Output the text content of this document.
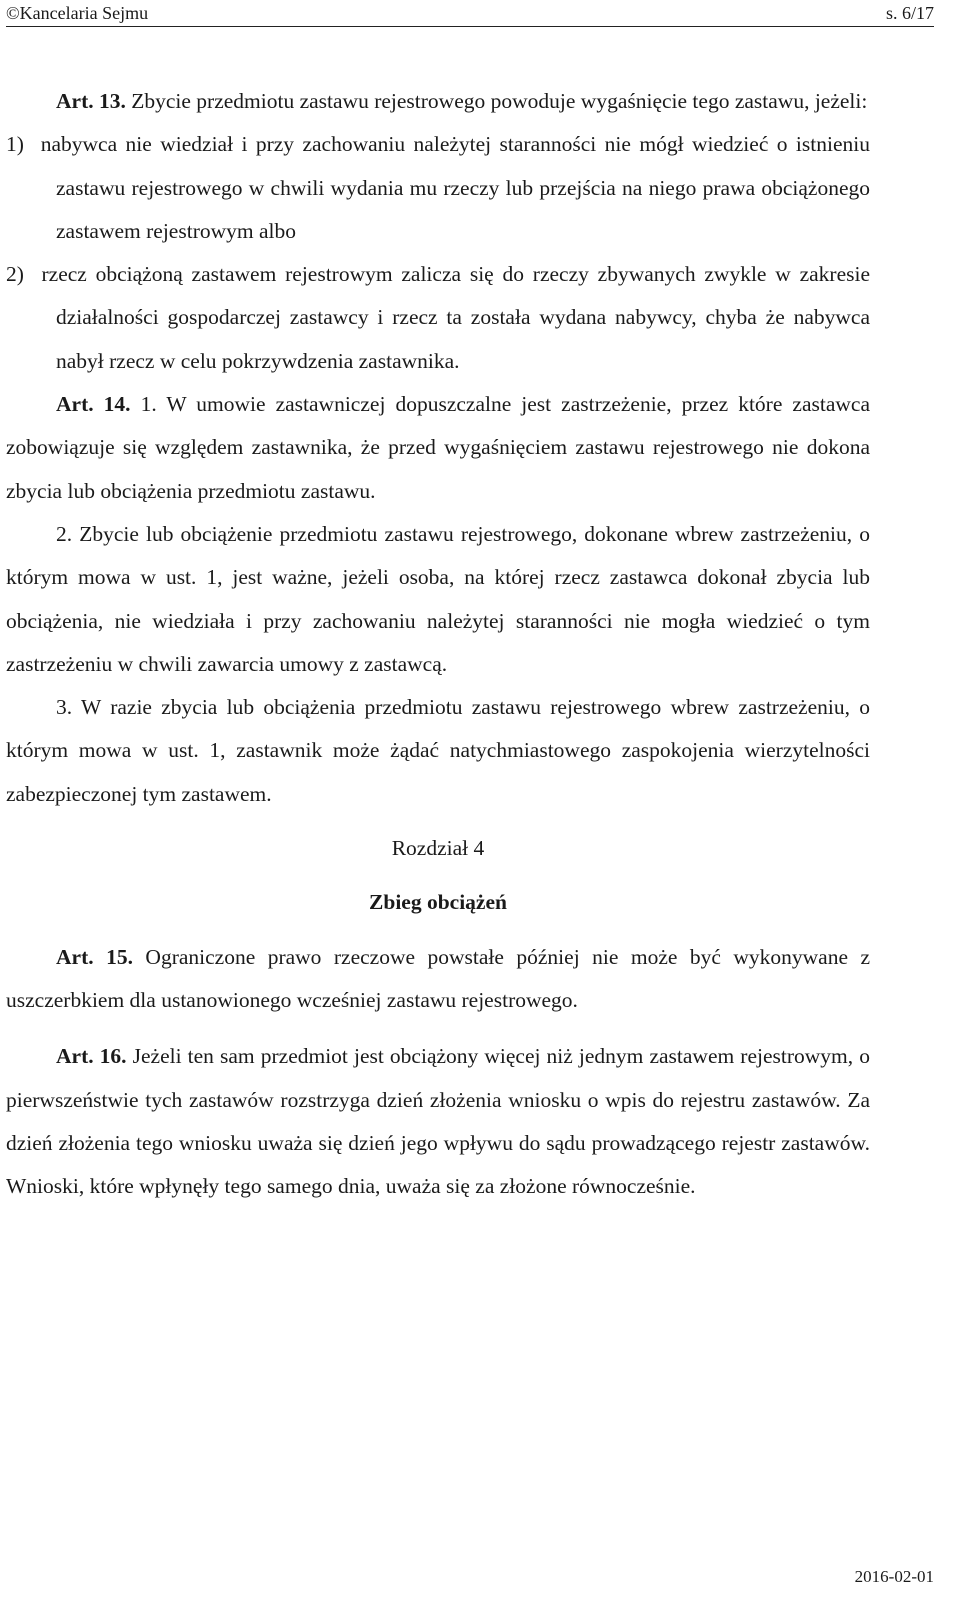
©Kancelaria Sejmu	s. 6/17

Art. 13. Zbycie przedmiotu zastawu rejestrowego powoduje wygaśnięcie tego zastawu, jeżeli:

1)  nabywca nie wiedział i przy zachowaniu należytej staranności nie mógł wiedzieć o istnieniu zastawu rejestrowego w chwili wydania mu rzeczy lub przejścia na niego prawa obciążonego zastawem rejestrowym albo

2)  rzecz obciążoną zastawem rejestrowym zalicza się do rzeczy zbywanych zwykle w zakresie działalności gospodarczej zastawcy i rzecz ta została wydana nabywcy, chyba że nabywca nabył rzecz w celu pokrzywdzenia zastawnika.

Art. 14. 1. W umowie zastawniczej dopuszczalne jest zastrzeżenie, przez które zastawca zobowiązuje się względem zastawnika, że przed wygaśnięciem zastawu rejestrowego nie dokona zbycia lub obciążenia przedmiotu zastawu.

2. Zbycie lub obciążenie przedmiotu zastawu rejestrowego, dokonane wbrew zastrzeżeniu, o którym mowa w ust. 1, jest ważne, jeżeli osoba, na której rzecz zastawca dokonał zbycia lub obciążenia, nie wiedziała i przy zachowaniu należytej staranności nie mogła wiedzieć o tym zastrzeżeniu w chwili zawarcia umowy z zastawcą.

3. W razie zbycia lub obciążenia przedmiotu zastawu rejestrowego wbrew zastrzeżeniu, o którym mowa w ust. 1, zastawnik może żądać natychmiastowego zaspokojenia wierzytelności zabezpieczonej tym zastawem.

Rozdział 4

Zbieg obciążeń

Art. 15. Ograniczone prawo rzeczowe powstałe później nie może być wykonywane z uszczerbkiem dla ustanowionego wcześniej zastawu rejestrowego.

Art. 16. Jeżeli ten sam przedmiot jest obciążony więcej niż jednym zastawem rejestrowym, o pierwszeństwie tych zastawów rozstrzyga dzień złożenia wniosku o wpis do rejestru zastawów. Za dzień złożenia tego wniosku uważa się dzień jego wpływu do sądu prowadzącego rejestr zastawów. Wnioski, które wpłynęły tego samego dnia, uważa się za złożone równocześnie.

2016-02-01
